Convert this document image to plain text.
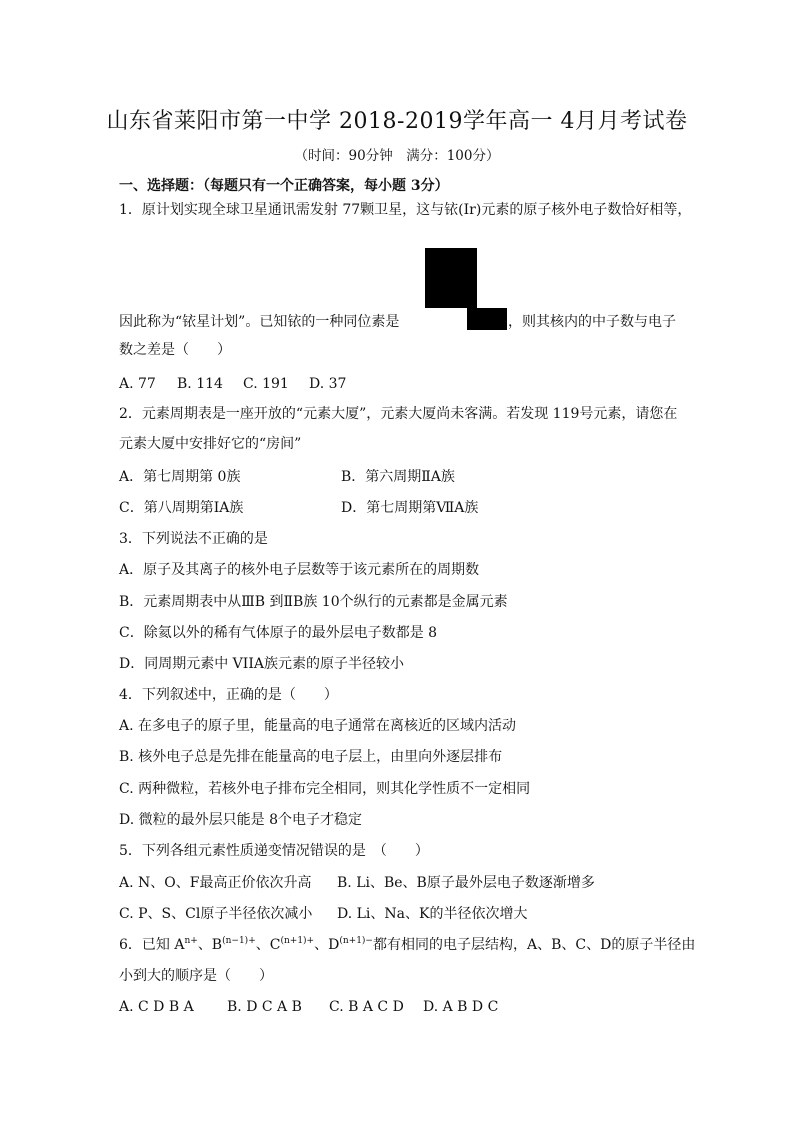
山东省莱阳市第一中学 2018-2019学年高一 4月月考试卷
（时间：90分钟　满分：100分）
一、选择题：（每题只有一个正确答案，每小题 3分）
1．原计划实现全球卫星通讯需发射 77颗卫星，这与铱(Ir)元素的原子核外电子数恰好相等，
因此称为“铱星计划”。已知铱的一种同位素是	，则其核内的中子数与电子
数之差是（　　）
A. 77 B. 114 C. 191 D. 37
2．元素周期表是一座开放的“元素大厦”，元素大厦尚未客满。若发现 119号元素，请您在
元素大厦中安排好它的“房间”
A．第七周期第 0族	B．第六周期ⅡA族
C．第八周期第ⅠA族	D．第七周期第ⅦA族
3．下列说法不正确的是
A．原子及其离子的核外电子层数等于该元素所在的周期数
B．元素周期表中从ⅢB 到ⅡB族 10个纵行的元素都是金属元素
C．除氦以外的稀有气体原子的最外层电子数都是 8
D．同周期元素中 VIIA族元素的原子半径较小
4．下列叙述中，正确的是（　　）
A. 在多电子的原子里，能量高的电子通常在离核近的区域内活动
B. 核外电子总是先排在能量高的电子层上，由里向外逐层排布
C. 两种微粒，若核外电子排布完全相同，则其化学性质不一定相同
D. 微粒的最外层只能是 8个电子才稳定
5．下列各组元素性质递变情况错误的是　（　　）
A. N、O、F最高正价依次升高 B. Li、Be、B原子最外层电子数逐渐增多
C. P、S、Cl原子半径依次减小 D. Li、Na、K的半径依次增大
6．已知 $A^{n+}$、$B^{(n-1)+}$、$C^{(n+1)+}$、$D^{(n+1)-}$都有相同的电子层结构，A、B、C、D的原子半径由
小到大的顺序是（　　）
A. C D B A B. D C A B C. B A C D D. A B D C
